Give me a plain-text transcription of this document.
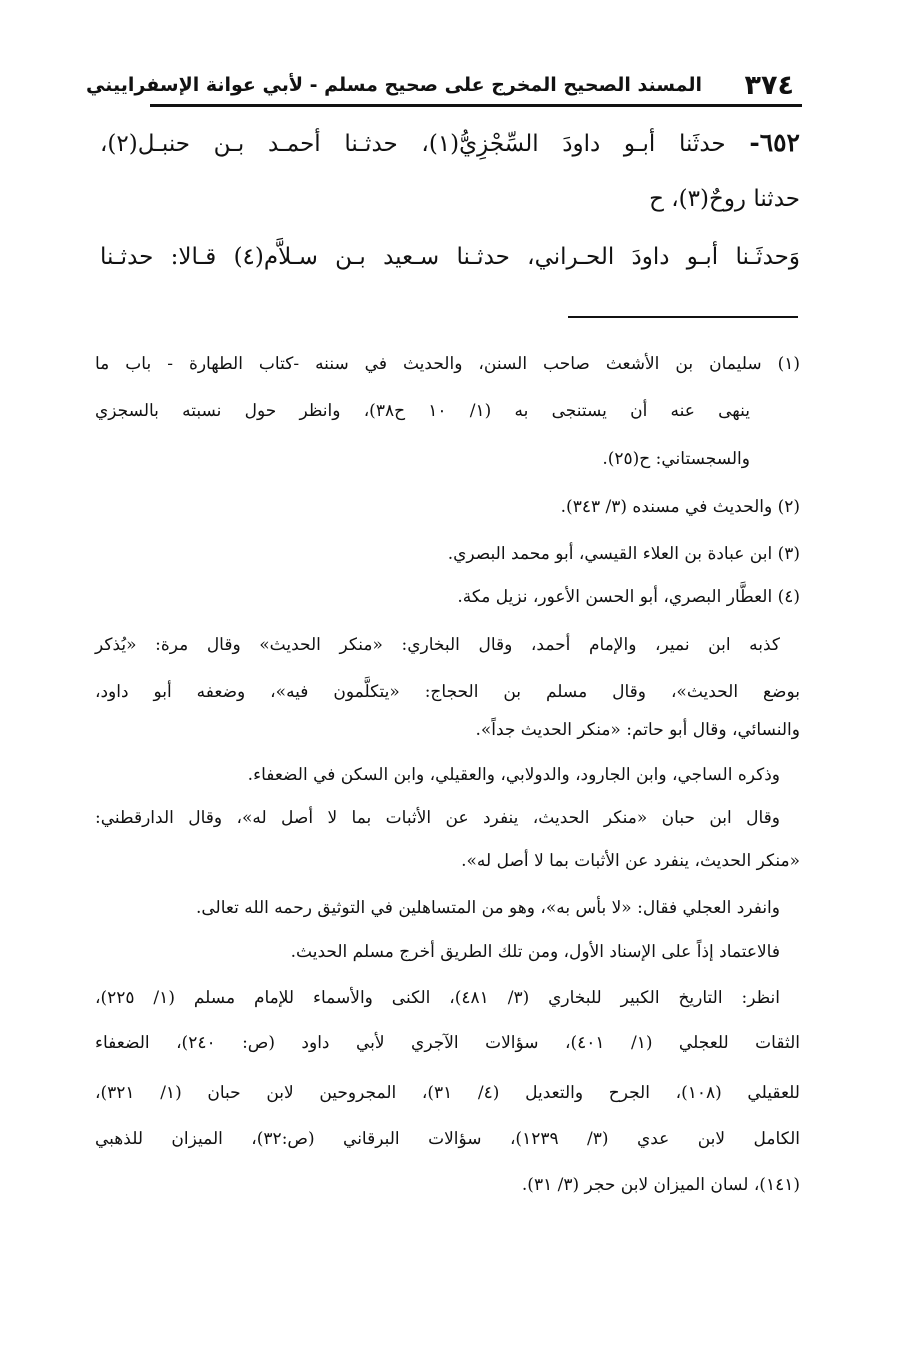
٣٧٤
المسند الصحيح المخرج على صحيح مسلم - لأبي عوانة الإسفراييني
٦٥٢- حدثَنا أبـو داودَ السِّجْزِيُّ(١)، حدثـنا أحمـد بـن حنبـل(٢)،
حدثنا روحٌ(٣)، ح
وَحدثَـنا أبـو داودَ الحـراني، حدثـنا سـعيد بـن سـلاَّم(٤) قـالا: حدثـنا
(١) سليمان بن الأشعث صاحب السنن، والحديث في سننه -كتاب الطهارة - باب ما
ينهى عنه أن يستنجى به (١/ ١٠ ح٣٨)، وانظر حول نسبته بالسجزي
والسجستاني: ح(٢٥).
(٢) والحديث في مسنده (٣/ ٣٤٣).
(٣) ابن عبادة بن العلاء القيسي، أبو محمد البصري.
(٤) العطَّار البصري، أبو الحسن الأعور، نزيل مكة.
كذبه ابن نمير، والإمام أحمد، وقال البخاري: «منكر الحديث» وقال مرة: «يُذكر
بوضع الحديث»، وقال مسلم بن الحجاج: «يتكلَّمون فيه»، وضعفه أبو داود،
والنسائي، وقال أبو حاتم: «منكر الحديث جداً».
وذكره الساجي، وابن الجارود، والدولابي، والعقيلي، وابن السكن في الضعفاء.
وقال ابن حبان «منكر الحديث، ينفرد عن الأثبات بما لا أصل له»، وقال الدارقطني:
«منكر الحديث، ينفرد عن الأثبات بما لا أصل له».
وانفرد العجلي فقال: «لا بأس به»، وهو من المتساهلين في التوثيق رحمه الله تعالى.
فالاعتماد إذاً على الإسناد الأول، ومن تلك الطريق أخرج مسلم الحديث.
انظر: التاريخ الكبير للبخاري (٣/ ٤٨١)، الكنى والأسماء للإمام مسلم (١/ ٢٢٥)،
الثقات للعجلي (١/ ٤٠١)، سؤالات الآجري لأبي داود (ص: ٢٤٠)، الضعفاء
للعقيلي (١٠٨)، الجرح والتعديل (٤/ ٣١)، المجروحين لابن حبان (١/ ٣٢١)،
الكامل لابن عدي (٣/ ١٢٣٩)، سؤالات البرقاني (ص:٣٢)، الميزان للذهبي
(١٤١)، لسان الميزان لابن حجر (٣/ ٣١).
